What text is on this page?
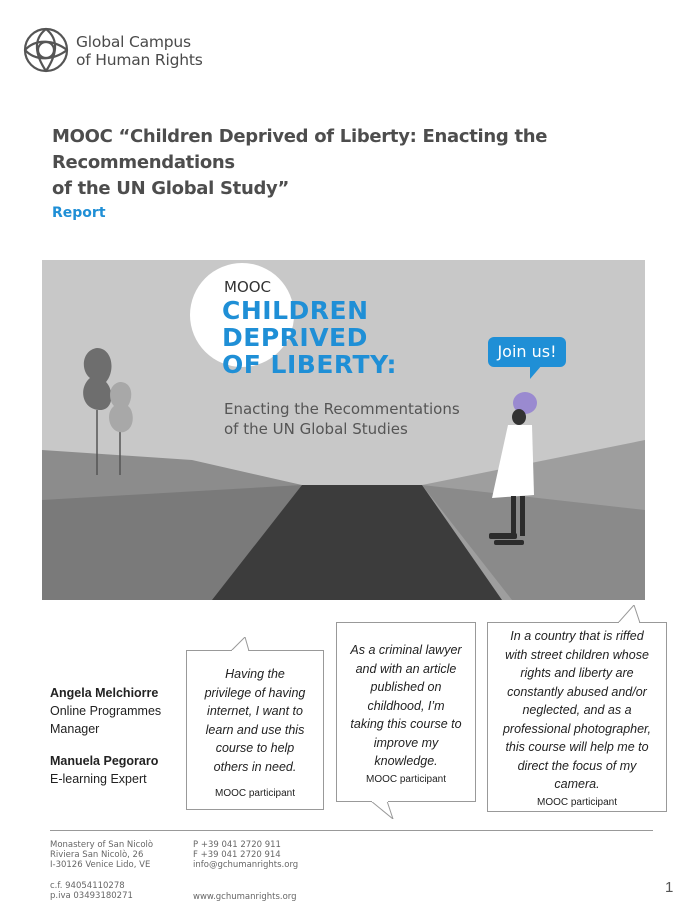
Global Campus
of Human Rights
MOOC “Children Deprived of Liberty: Enacting the Recommendations
of the UN Global Study”
Report
MOOC
CHILDREN
DEPRIVED
OF LIBERTY:
Enacting the Recommentations
of the UN Global Studies
Join us!
Angela Melchiorre
Online Programmes
Manager
Manuela Pegoraro
E-learning Expert
Having the
privilege of having
internet, I want to
learn and use this
course to help
others in need.
MOOC participant
As a criminal lawyer
and with an article
published on
childhood, I’m
taking this course to
improve my
knowledge.
MOOC participant
In a country that is riffed
with street children whose
rights and liberty are
constantly abused and/or
neglected, and as a
professional photographer,
this course will help me to
direct the focus of my
camera.
MOOC participant
Monastery of San Nicolò
Riviera San Nicolò, 26
I-30126 Venice Lido, VE
c.f. 94054110278
p.iva 03493180271
P +39 041 2720 911
F +39 041 2720 914
info@gchumanrights.org
www.gchumanrights.org
1
